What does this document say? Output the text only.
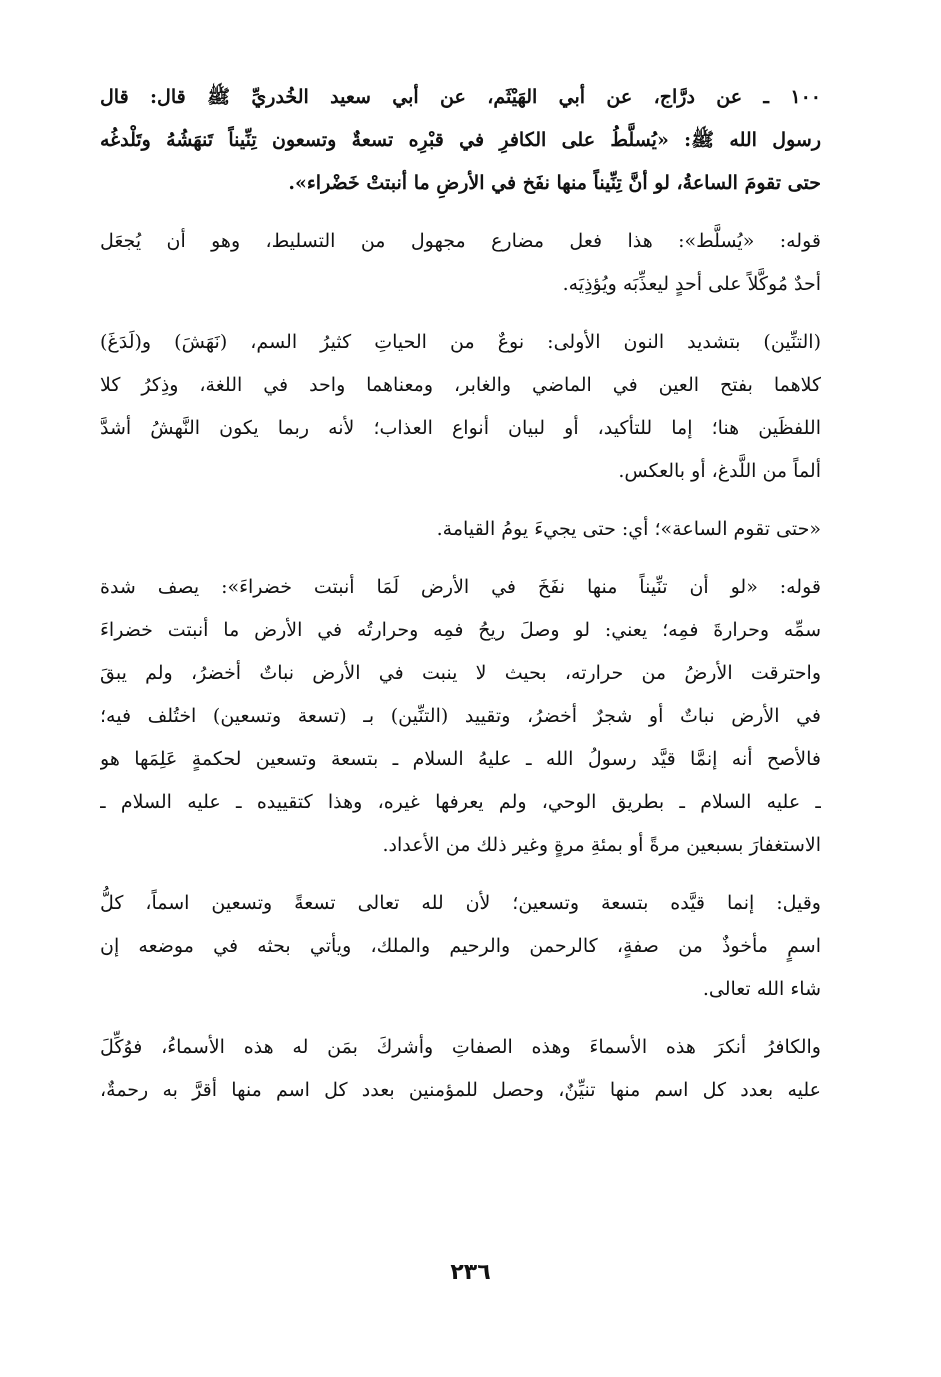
١٠٠ ـ عن درَّاج، عن أبي الهَيْثَم، عن أبي سعيد الخُدريِّ ﷺ قال: قال
رسول الله ﷺ: «يُسلَّطُ على الكافرِ في قبْرِه تسعةٌ وتسعون تِنِّيناً تَنهَشُهُ وتَلْدغُه
حتى تقومَ الساعةُ، لو أنَّ تِنِّيناً منها نفَخ في الأرضِ ما أنبتتْ خَضْراء».
قوله: «يُسلَّط»: هذا فعل مضارع مجهول من التسليط، وهو أن يُجعَل
أحدٌ مُوكَّلاً على أحدٍ ليعذِّبَه ويُؤذِيَه.
(التنِّين) بتشديد النون الأولى: نوعٌ من الحياتِ كثيرُ السم، (نَهَشَ) و(لَدَغَ)
كلاهما بفتح العين في الماضي والغابر، ومعناهما واحد في اللغة، وذِكرُ كلا
اللفظَين هنا؛ إما للتأكيد، أو لبيان أنواع العذاب؛ لأنه ربما يكون النَّهشُ أشدَّ
ألماً من اللَّدغ، أو بالعكس.
«حتى تقوم الساعة»؛ أي: حتى يجيءَ يومُ القيامة.
قوله: «لو أن تنِّيناً منها نفَخَ في الأرض لَمَا أنبتت خضراءَ»: يصف شدة
سمِّه وحرارةَ فمِه؛ يعني: لو وصلَ ريحُ فمِه وحرارتُه في الأرض ما أنبتت خضراءَ
واحترقت الأرضُ من حرارته، بحيث لا ينبت في الأرض نباتٌ أخضرُ، ولم يبقَ
في الأرض نباتٌ أو شجرٌ أخضرُ، وتقييد (التنِّين) بـ (تسعة وتسعين) اختُلف فيه؛
فالأصح أنه إنمَّا قيَّد رسولُ الله ـ عليهُ السلام ـ بتسعة وتسعين لحكمةٍ عَلِمَها هو
ـ عليه السلام ـ بطريق الوحي، ولم يعرفها غيره، وهذا كتقييده ـ عليه السلام ـ
الاستغفارَ بسبعين مرةً أو بمئةِ مرةٍ وغير ذلك من الأعداد.
وقيل: إنما قيَّده بتسعة وتسعين؛ لأن لله تعالى تسعةً وتسعين اسماً، كلُّ
اسمٍ مأخوذٌ من صفةٍ، كالرحمن والرحيم والملك، ويأتي بحثه في موضعه إن
شاء الله تعالى.
والكافرُ أنكرَ هذه الأسماءَ وهذه الصفاتِ وأشركَ بمَن له هذه الأسماءُ، فوُكِّلَ
عليه بعدد كل اسم منها تنيِّنٌ، وحصل للمؤمنين بعدد كل اسم منها أقرَّ به رحمةٌ،
٢٣٦
